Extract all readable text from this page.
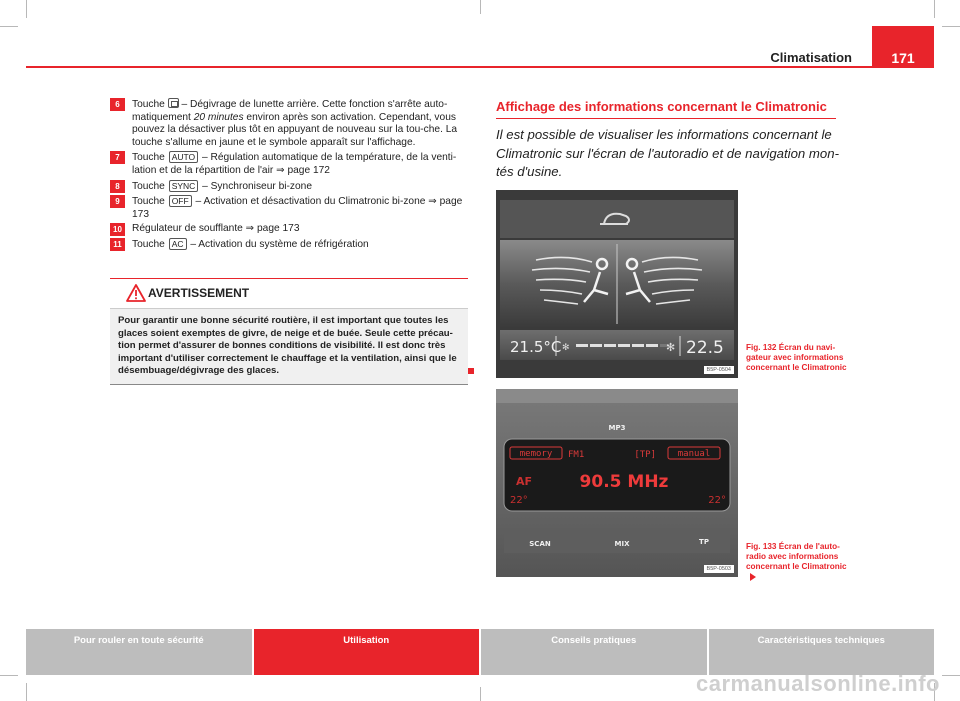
Climatisation	171
6	Touche  – Dégivrage de lunette arrière. Cette fonction s'arrête auto-matiquement 20 minutes environ après son activation. Cependant, vous pouvez la désactiver plus tôt en appuyant de nouveau sur la tou-che. La touche s'allume en jaune et le symbole apparaît sur l'affichage.
7	Touche AUTO – Régulation automatique de la température, de la venti-lation et de la répartition de l'air ⇒ page 172
8	Touche SYNC – Synchroniseur bi-zone
9	Touche OFF – Activation et désactivation du Climatronic bi-zone ⇒ page 173
10 Régulateur de soufflante ⇒ page 173
11	Touche AC – Activation du système de réfrigération
AVERTISSEMENT
Pour garantir une bonne sécurité routière, il est important que toutes les glaces soient exemptes de givre, de neige et de buée. Seule cette précau-tion permet d'assurer de bonnes conditions de visibilité. Il est donc très important d'utiliser correctement le chauffage et la ventilation, ainsi que le désembuage/dégivrage des glaces.
Affichage des informations concernant le Climatronic
Il est possible de visualiser les informations concernant le Climatronic sur l'écran de l'autoradio et de navigation mon-tés d'usine.
21.5°C ✻	✻ 22.5
B5P-0504
Fig. 132 Écran du navi-gateur avec informations concernant le Climatronic
MP3
memory FM1	[TP] manual
AF	90.5 MHz
22°	22°
SCAN	MIX	TP
B5P-0503
Fig. 133 Écran de l'auto-radio avec informations concernant le Climatronic
Pour rouler en toute sécurité	Utilisation	Conseils pratiques	Caractéristiques techniques
carmanualsonline.info
